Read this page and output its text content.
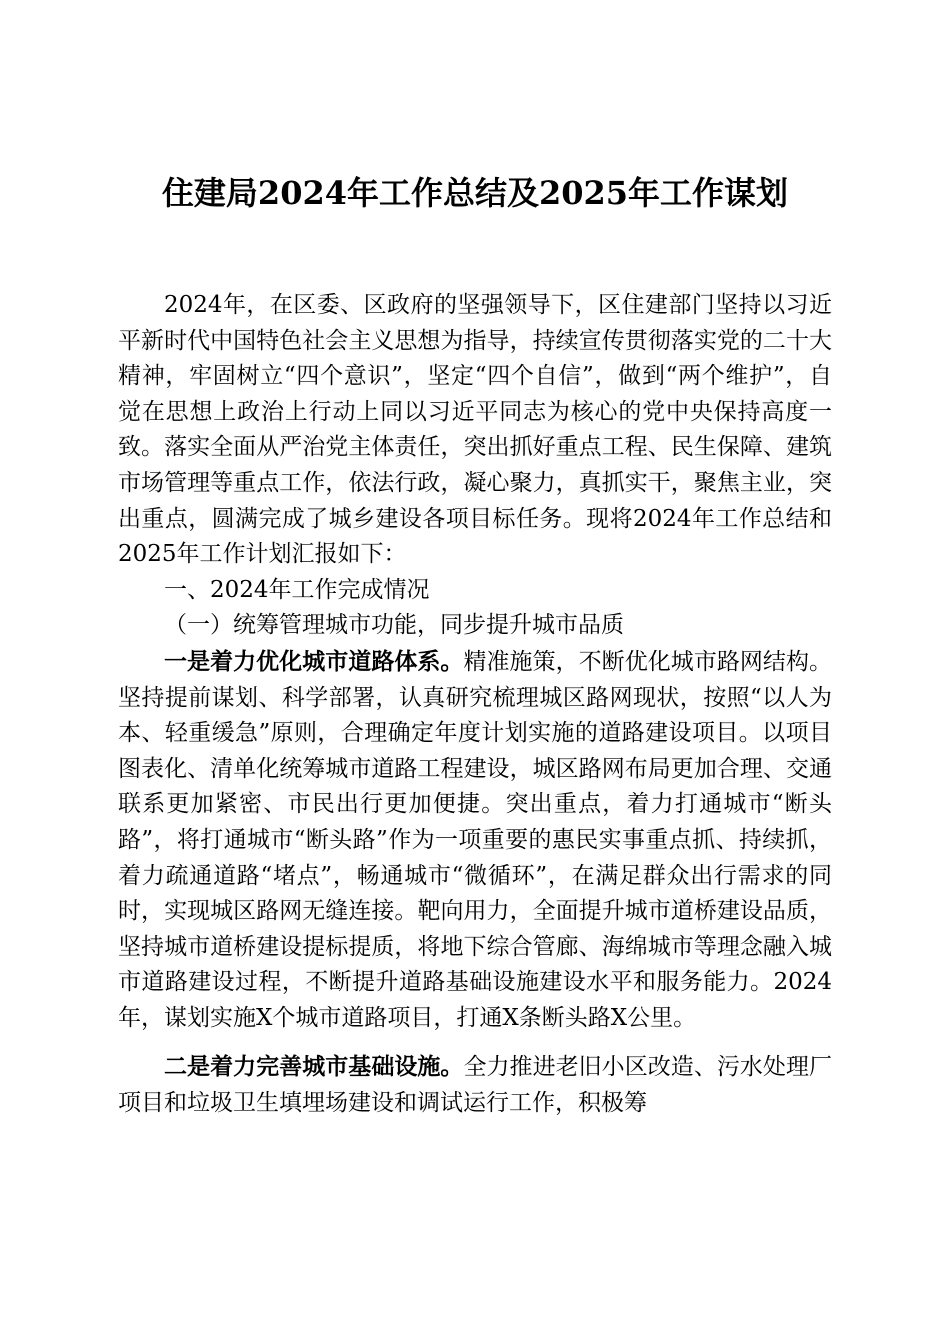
住建局2024年工作总结及2025年工作谋划

2024年，在区委、区政府的坚强领导下，区住建部门坚持以习近平新时代中国特色社会主义思想为指导，持续宣传贯彻落实党的二十大精神，牢固树立“四个意识”，坚定“四个自信”，做到“两个维护”，自觉在思想上政治上行动上同以习近平同志为核心的党中央保持高度一致。落实全面从严治党主体责任，突出抓好重点工程、民生保障、建筑市场管理等重点工作，依法行政，凝心聚力，真抓实干，聚焦主业，突出重点，圆满完成了城乡建设各项目标任务。现将2024年工作总结和2025年工作计划汇报如下：

一、2024年工作完成情况

（一）统筹管理城市功能，同步提升城市品质

一是着力优化城市道路体系。精准施策，不断优化城市路网结构。坚持提前谋划、科学部署，认真研究梳理城区路网现状，按照“以人为本、轻重缓急”原则，合理确定年度计划实施的道路建设项目。以项目图表化、清单化统筹城市道路工程建设，城区路网布局更加合理、交通联系更加紧密、市民出行更加便捷。突出重点，着力打通城市“断头路”，将打通城市“断头路”作为一项重要的惠民实事重点抓、持续抓，着力疏通道路“堵点”，畅通城市“微循环”，在满足群众出行需求的同时，实现城区路网无缝连接。靶向用力，全面提升城市道桥建设品质，坚持城市道桥建设提标提质，将地下综合管廊、海绵城市等理念融入城市道路建设过程，不断提升道路基础设施建设水平和服务能力。2024年，谋划实施X个城市道路项目，打通X条断头路X公里。

二是着力完善城市基础设施。全力推进老旧小区改造、污水处理厂项目和垃圾卫生填埋场建设和调试运行工作，积极筹
